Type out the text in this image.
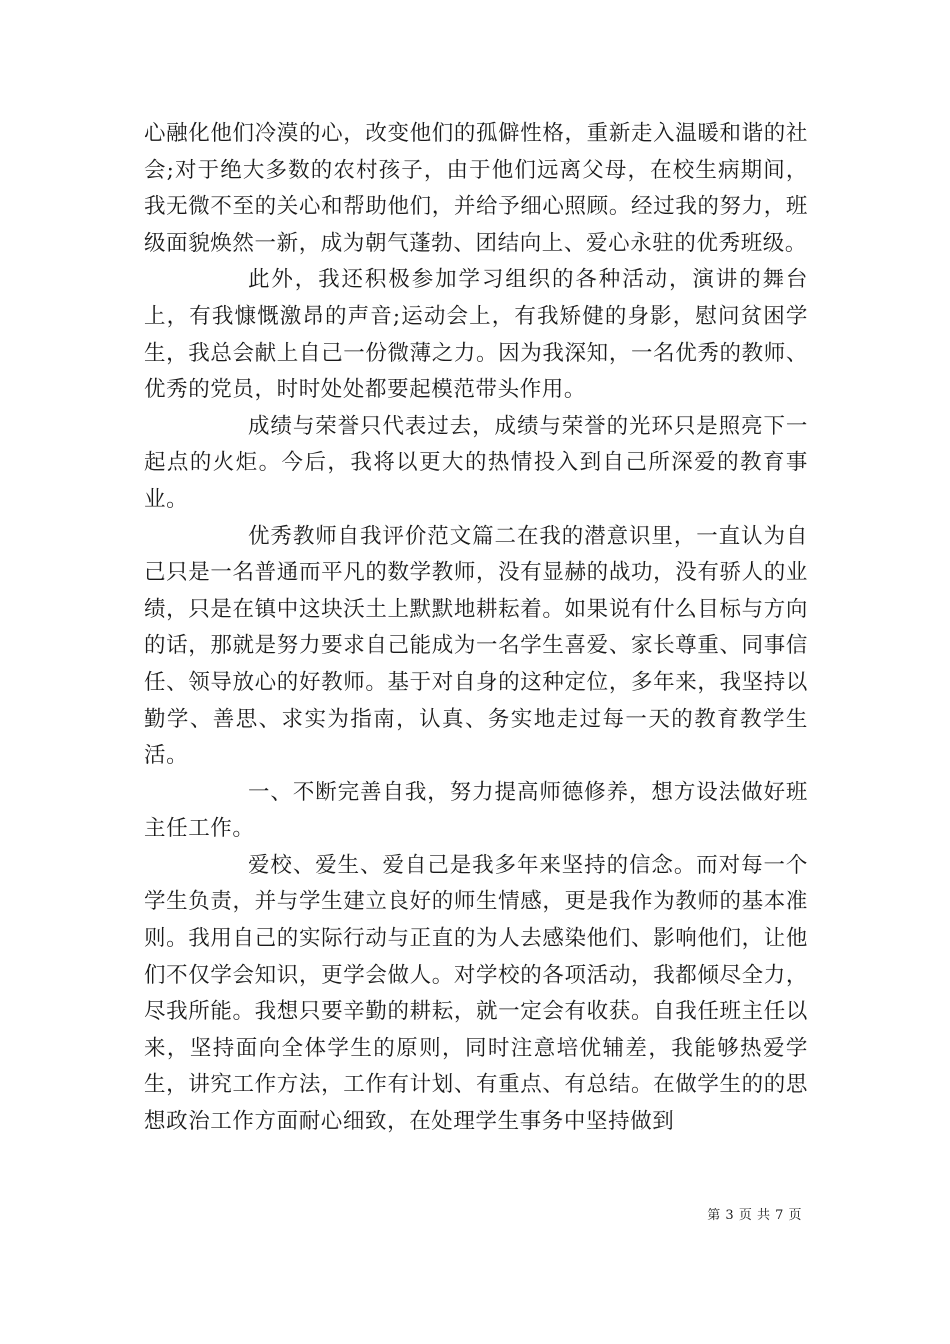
心融化他们冷漠的心，改变他们的孤僻性格，重新走入温暖和谐的社会;对于绝大多数的农村孩子，由于他们远离父母，在校生病期间，我无微不至的关心和帮助他们，并给予细心照顾。经过我的努力，班级面貌焕然一新，成为朝气蓬勃、团结向上、爱心永驻的优秀班级。

此外，我还积极参加学习组织的各种活动，演讲的舞台上，有我慷慨激昂的声音;运动会上，有我矫健的身影，慰问贫困学生，我总会献上自己一份微薄之力。因为我深知，一名优秀的教师、优秀的党员，时时处处都要起模范带头作用。

成绩与荣誉只代表过去，成绩与荣誉的光环只是照亮下一起点的火炬。今后，我将以更大的热情投入到自己所深爱的教育事业。

优秀教师自我评价范文篇二在我的潜意识里，一直认为自己只是一名普通而平凡的数学教师，没有显赫的战功，没有骄人的业绩，只是在镇中这块沃土上默默地耕耘着。如果说有什么目标与方向的话，那就是努力要求自己能成为一名学生喜爱、家长尊重、同事信任、领导放心的好教师。基于对自身的这种定位，多年来，我坚持以勤学、善思、求实为指南，认真、务实地走过每一天的教育教学生活。

一、不断完善自我，努力提高师德修养，想方设法做好班主任工作。

爱校、爱生、爱自己是我多年来坚持的信念。而对每一个学生负责，并与学生建立良好的师生情感，更是我作为教师的基本准则。我用自己的实际行动与正直的为人去感染他们、影响他们，让他们不仅学会知识，更学会做人。对学校的各项活动，我都倾尽全力，尽我所能。我想只要辛勤的耕耘，就一定会有收获。自我任班主任以来，坚持面向全体学生的原则，同时注意培优辅差，我能够热爱学生，讲究工作方法，工作有计划、有重点、有总结。在做学生的的思想政治工作方面耐心细致，在处理学生事务中坚持做到

第 3 页 共 7 页
